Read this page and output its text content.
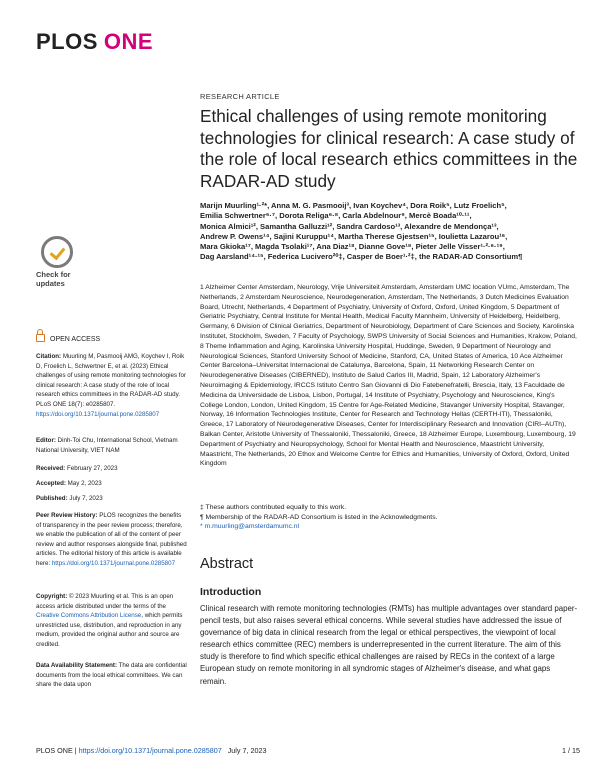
PLOS ONE
RESEARCH ARTICLE
Ethical challenges of using remote monitoring technologies for clinical research: A case study of the role of local research ethics committees in the RADAR-AD study
Marijn Muurling¹·²*, Anna M. G. Pasmooij³, Ivan Koychev⁴, Dora Roik⁵, Lutz Froelich⁵,
Emilia Schwertner⁶·⁷, Dorota Religa⁶·⁸, Carla Abdelnour⁹, Mercè Boada¹⁰·¹¹,
Monica Almici¹², Samantha Galluzzi¹², Sandra Cardoso¹³, Alexandre de Mendonça¹³,
Andrew P. Owens¹⁴, Sajini Kuruppu¹⁴, Martha Therese Gjestsen¹⁵, Ioulietta Lazarou¹⁶,
Mara Gkioka¹⁷, Magda Tsolaki¹⁷, Ana Diaz¹⁸, Dianne Gove¹⁸, Pieter Jelle Visser¹·²·⁶·¹⁹,
Dag Aarsland¹⁴·¹⁵, Federica Lucivero²⁰‡, Casper de Boer¹·²‡, the RADAR-AD Consortium¶
1 Alzheimer Center Amsterdam, Neurology, Vrije Universiteit Amsterdam, Amsterdam UMC location VUmc, Amsterdam, The Netherlands, 2 Amsterdam Neuroscience, Neurodegeneration, Amsterdam, The Netherlands, 3 Dutch Medicines Evaluation Board, Utrecht, Netherlands, 4 Department of Psychiatry, University of Oxford, Oxford, United Kingdom, 5 Department of Geriatric Psychiatry, Central Institute for Mental Health, Medical Faculty Mannheim, University of Heidelberg, Heidelberg, Germany, 6 Division of Clinical Geriatrics, Department of Neurobiology, Department of Care Sciences and Society, Karolinska Institutet, Stockholm, Sweden, 7 Faculty of Psychology, SWPS University of Social Sciences and Humanities, Krakow, Poland, 8 Theme Inflammation and Aging, Karolinska University Hospital, Huddinge, Sweden, 9 Department of Neurology and Neurological Sciences, Stanford University School of Medicine, Stanford, CA, United States of America, 10 Ace Alzheimer Center Barcelona–Universitat Internacional de Catalunya, Barcelona, Spain, 11 Networking Research Center on Neurodegenerative Diseases (CIBERNED), Instituto de Salud Carlos III, Madrid, Spain, 12 Laboratory Alzheimer's Neuroimaging & Epidemiology, IRCCS Istituto Centro San Giovanni di Dio Fatebenefratelli, Brescia, Italy, 13 Faculdade de Medicina da Universidade de Lisboa, Lisbon, Portugal, 14 Institute of Psychiatry, Psychology and Neuroscience, King's College London, London, United Kingdom, 15 Centre for Age-Related Medicine, Stavanger University Hospital, Stavanger, Norway, 16 Information Technologies Institute, Center for Research and Technology Hellas (CERTH-ITI), Thessaloniki, Greece, 17 Laboratory of Neurodegenerative Diseases, Center for Interdisciplinary Research and Innovation (CIRI–AUTh), Balkan Center, Aristotle University of Thessaloniki, Thessaloniki, Greece, 18 Alzheimer Europe, Luxembourg, Luxembourg, 19 Department of Psychiatry and Neuropsychology, School for Mental Health and Neuroscience, Maastricht University, Maastricht, The Netherlands, 20 Ethox and Welcome Centre for Ethics and Humanities, University of Oxford, Oxford, United Kingdom
‡ These authors contributed equally to this work.
¶ Membership of the RADAR-AD Consortium is listed in the Acknowledgments.
* m.muurling@amsterdamumc.nl
Abstract
Introduction
Clinical research with remote monitoring technologies (RMTs) has multiple advantages over standard paper-pencil tests, but also raises several ethical concerns. While several studies have addressed the issue of governance of big data in clinical research from the legal or ethical perspectives, the viewpoint of local research ethics committee (REC) members is underrepresented in the current literature. The aim of this study is therefore to find which specific ethical challenges are raised by RECs in the context of a large European study on remote monitoring in all syndromic stages of Alzheimer's disease, and what gaps remain.
Check for
updates
OPEN ACCESS
Citation: Muurling M, Pasmooij AMG, Koychev I, Roik D, Froelich L, Schwertner E, et al. (2023) Ethical challenges of using remote monitoring technologies for clinical research: A case study of the role of local research ethics committees in the RADAR-AD study. PLoS ONE 18(7): e0285807. https://doi.org/10.1371/journal.pone.0285807
Editor: Dinh-Toi Chu, International School, Vietnam National University, VIET NAM
Received: February 27, 2023
Accepted: May 2, 2023
Published: July 7, 2023
Peer Review History: PLOS recognizes the benefits of transparency in the peer review process; therefore, we enable the publication of all of the content of peer review and author responses alongside final, published articles. The editorial history of this article is available here: https://doi.org/10.1371/journal.pone.0285807
Copyright: © 2023 Muurling et al. This is an open access article distributed under the terms of the Creative Commons Attribution License, which permits unrestricted use, distribution, and reproduction in any medium, provided the original author and source are credited.
Data Availability Statement: The data are confidential documents from the local ethical committees. We can share the data upon
PLOS ONE | https://doi.org/10.1371/journal.pone.0285807 July 7, 2023	1 / 15
